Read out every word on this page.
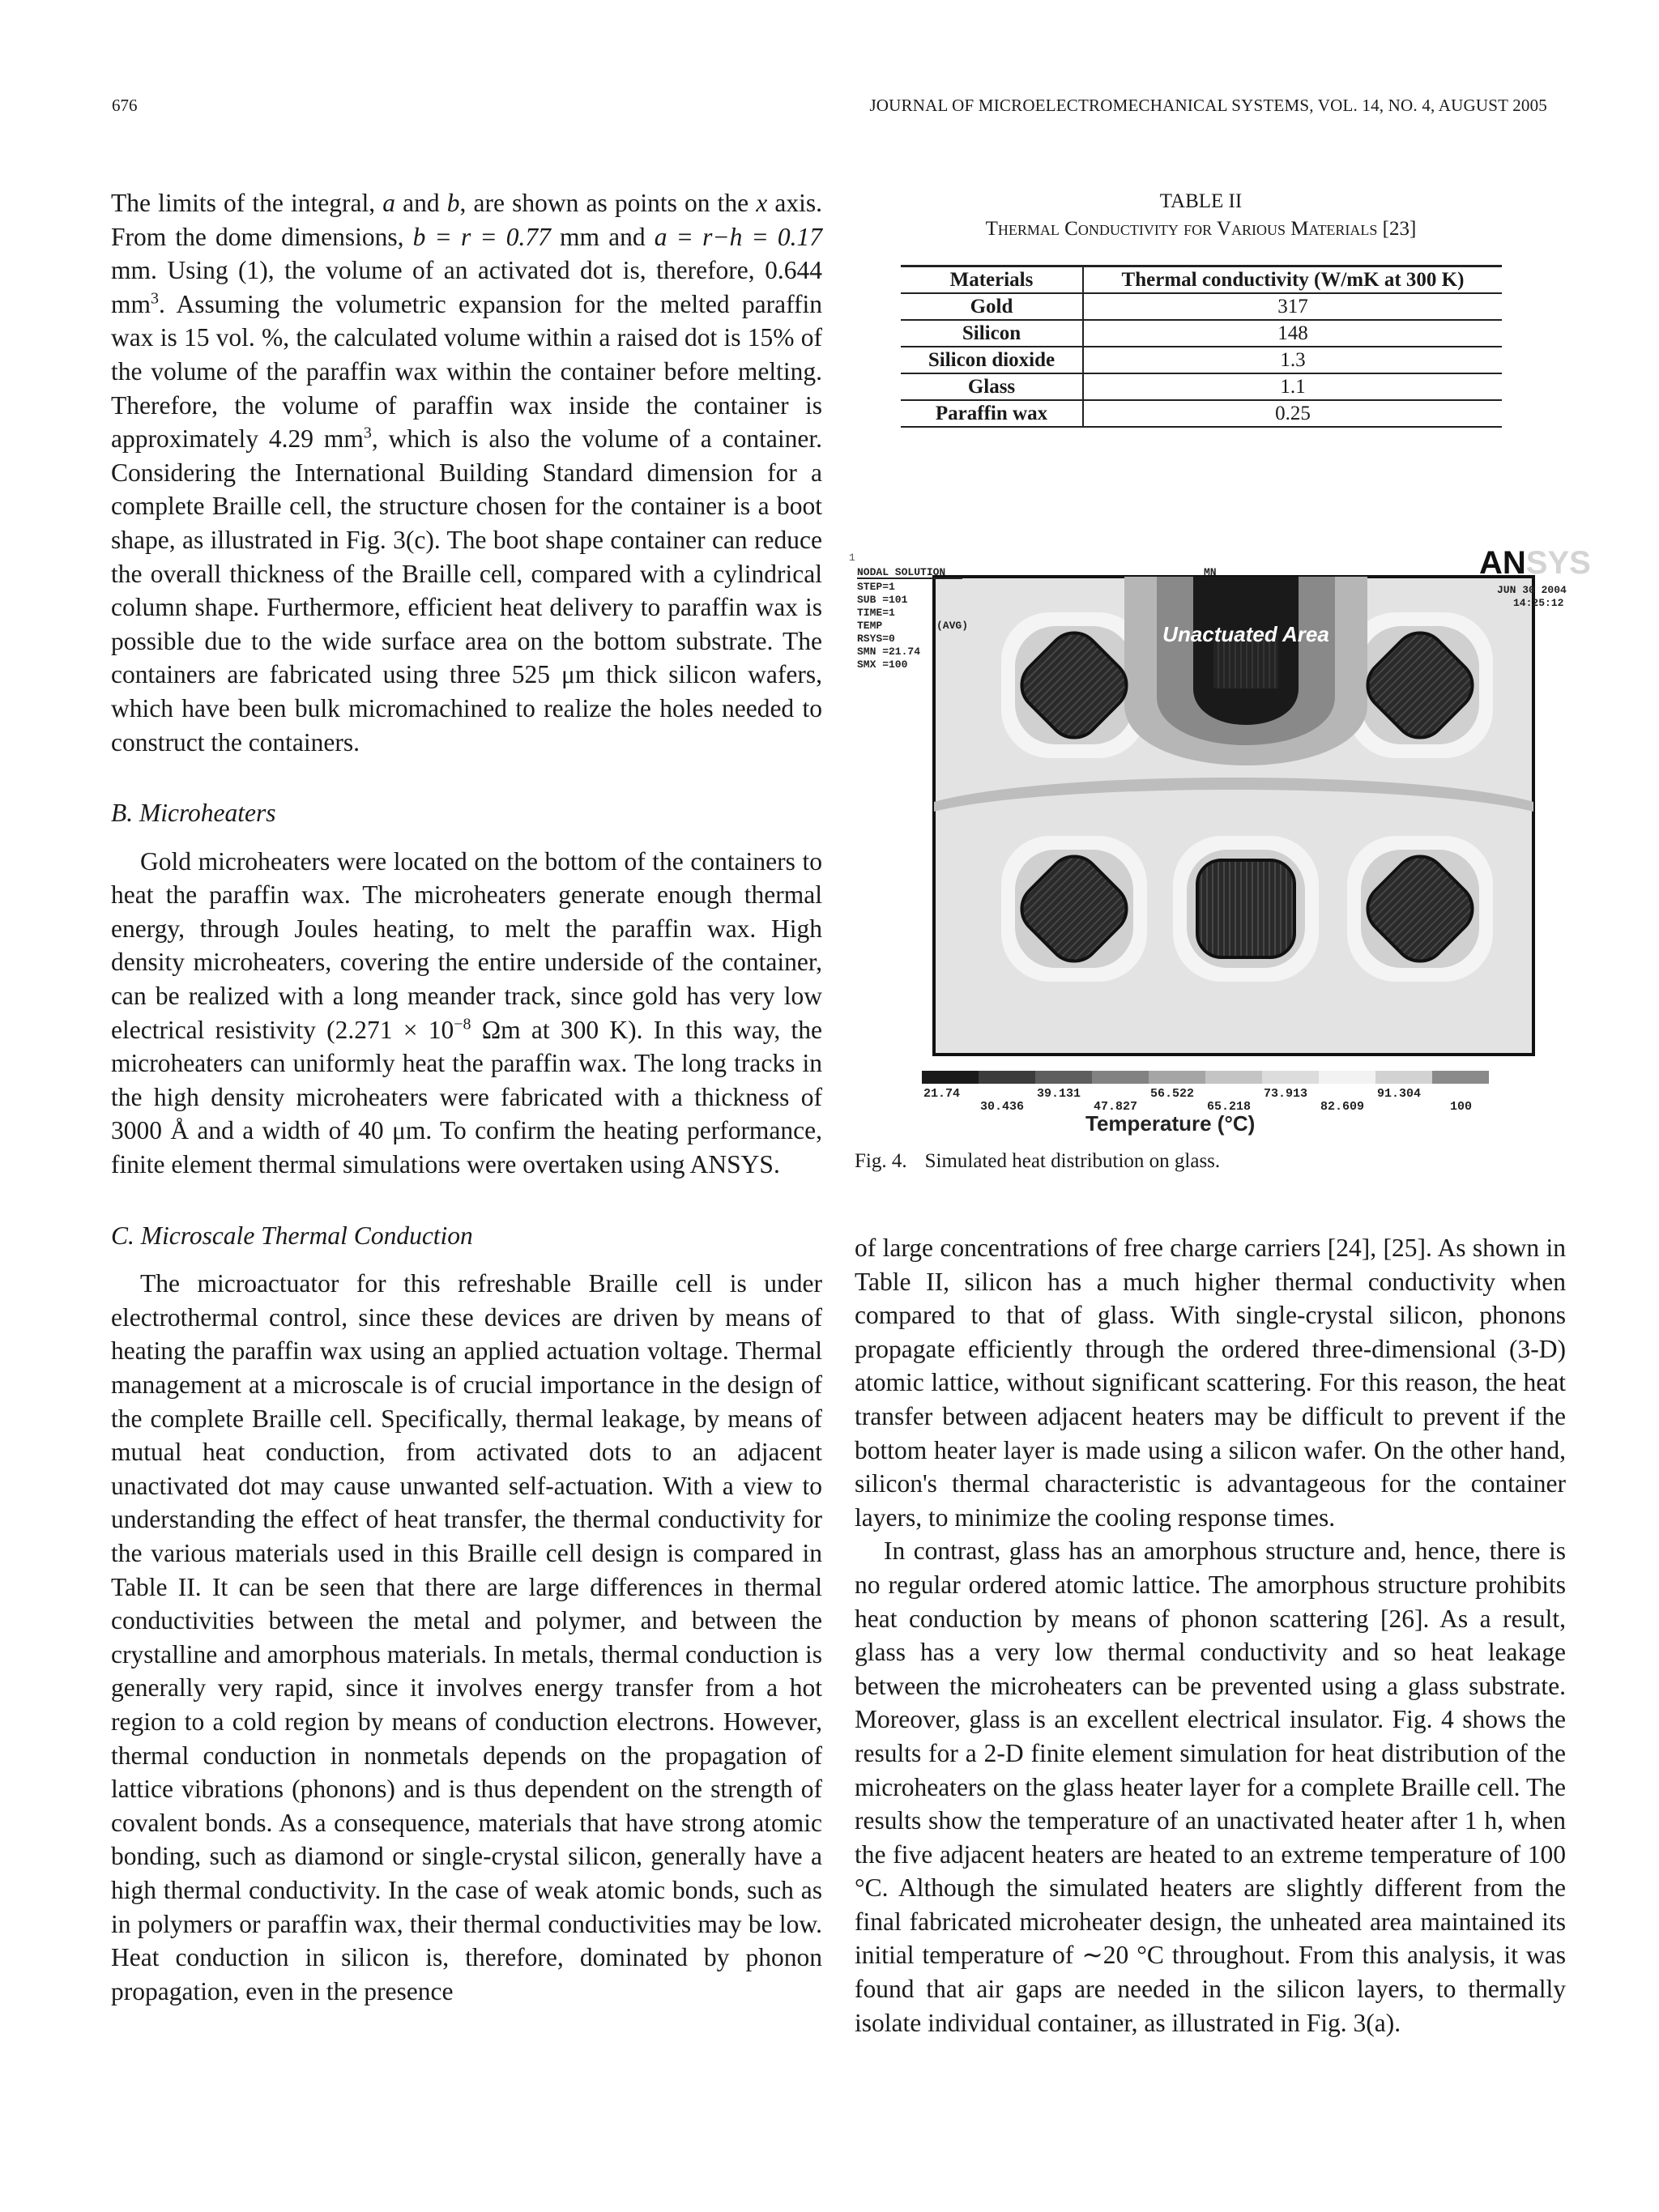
676	JOURNAL OF MICROELECTROMECHANICAL SYSTEMS, VOL. 14, NO. 4, AUGUST 2005

The limits of the integral, a and b, are shown as points on the x axis. From the dome dimensions, b = r = 0.77 mm and a = r−h = 0.17 mm. Using (1), the volume of an activated dot is, therefore, 0.644 $mm^3$. Assuming the volumetric expansion for the melted paraffin wax is 15 vol. %, the calculated volume within a raised dot is 15% of the volume of the paraffin wax within the container before melting. Therefore, the volume of paraffin wax inside the container is approximately 4.29 $mm^3$, which is also the volume of a container. Considering the International Building Standard dimension for a complete Braille cell, the structure chosen for the container is a boot shape, as illustrated in Fig. 3(c). The boot shape container can reduce the overall thickness of the Braille cell, compared with a cylindrical column shape. Furthermore, efficient heat delivery to paraffin wax is possible due to the wide surface area on the bottom substrate. The containers are fabricated using three 525 μm thick silicon wafers, which have been bulk micromachined to realize the holes needed to construct the containers.

B. Microheaters

Gold microheaters were located on the bottom of the containers to heat the paraffin wax. The microheaters generate enough thermal energy, through Joules heating, to melt the paraffin wax. High density microheaters, covering the entire underside of the container, can be realized with a long meander track, since gold has very low electrical resistivity ($2.271 \times 10^{-8}$ Ωm at 300 K). In this way, the microheaters can uniformly heat the paraffin wax. The long tracks in the high density microheaters were fabricated with a thickness of 3000 Å and a width of 40 μm. To confirm the heating performance, finite element thermal simulations were overtaken using ANSYS.

C. Microscale Thermal Conduction

The microactuator for this refreshable Braille cell is under electrothermal control, since these devices are driven by means of heating the paraffin wax using an applied actuation voltage. Thermal management at a microscale is of crucial importance in the design of the complete Braille cell. Specifically, thermal leakage, by means of mutual heat conduction, from activated dots to an adjacent unactivated dot may cause unwanted self-actuation. With a view to understanding the effect of heat transfer, the thermal conductivity for the various materials used in this Braille cell design is compared in Table II. It can be seen that there are large differences in thermal conductivities between the metal and polymer, and between the crystalline and amorphous materials. In metals, thermal conduction is generally very rapid, since it involves energy transfer from a hot region to a cold region by means of conduction electrons. However, thermal conduction in nonmetals depends on the propagation of lattice vibrations (phonons) and is thus dependent on the strength of covalent bonds. As a consequence, materials that have strong atomic bonding, such as diamond or single-crystal silicon, generally have a high thermal conductivity. In the case of weak atomic bonds, such as in polymers or paraffin wax, their thermal conductivities may be low. Heat conduction in silicon is, therefore, dominated by phonon propagation, even in the presence

TABLE II
Thermal Conductivity for Various Materials [23]
Materials	Thermal conductivity (W/mK at 300 K)
Gold	317
Silicon	148
Silicon dioxide	1.3
Glass	1.1
Paraffin wax	0.25
Unactuated Area
1
NODAL SOLUTION
STEP=1
SUB =101
TIME=1
TEMP
RSYS=0
SMN =21.74
SMX =100
(AVG)
MN
JUN 30 2004
14:25:12
ANSYS
21.74	39.131	56.522	73.913	91.304
30.436	47.827	65.218	82.609	100
Temperature (°C)
Fig. 4. Simulated heat distribution on glass.

of large concentrations of free charge carriers [24], [25]. As shown in Table II, silicon has a much higher thermal conductivity when compared to that of glass. With single-crystal silicon, phonons propagate efficiently through the ordered three-dimensional (3-D) atomic lattice, without significant scattering. For this reason, the heat transfer between adjacent heaters may be difficult to prevent if the bottom heater layer is made using a silicon wafer. On the other hand, silicon's thermal characteristic is advantageous for the container layers, to minimize the cooling response times.

In contrast, glass has an amorphous structure and, hence, there is no regular ordered atomic lattice. The amorphous structure prohibits heat conduction by means of phonon scattering [26]. As a result, glass has a very low thermal conductivity and so heat leakage between the microheaters can be prevented using a glass substrate. Moreover, glass is an excellent electrical insulator. Fig. 4 shows the results for a 2-D finite element simulation for heat distribution of the microheaters on the glass heater layer for a complete Braille cell. The results show the temperature of an unactivated heater after 1 h, when the five adjacent heaters are heated to an extreme temperature of 100 °C. Although the simulated heaters are slightly different from the final fabricated microheater design, the unheated area maintained its initial temperature of ∼20 °C throughout. From this analysis, it was found that air gaps are needed in the silicon layers, to thermally isolate individual container, as illustrated in Fig. 3(a).
